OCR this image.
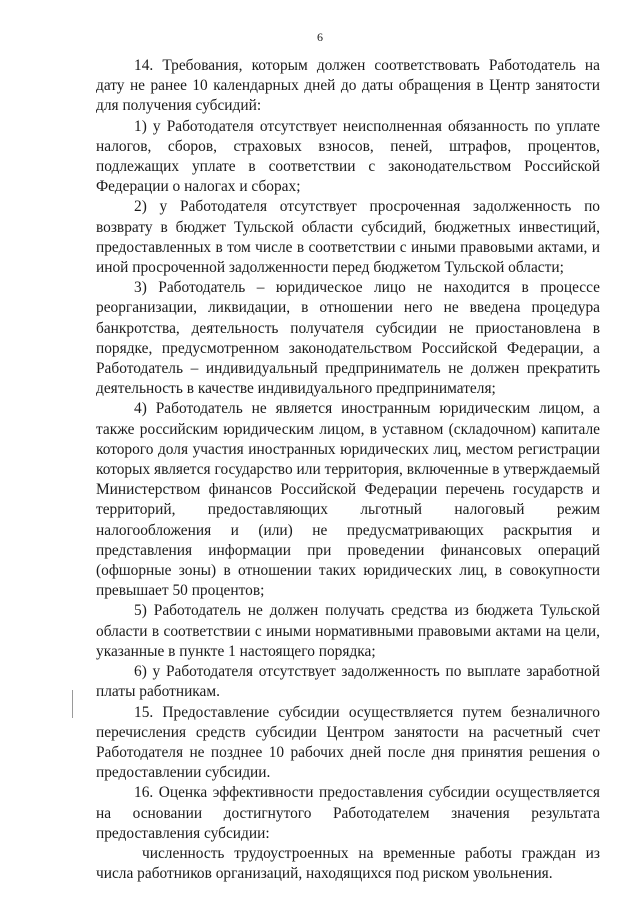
6

14. Требования, которым должен соответствовать Работодатель на дату не ранее 10 календарных дней до даты обращения в Центр занятости для получения субсидий:

1) у Работодателя отсутствует неисполненная обязанность по уплате налогов, сборов, страховых взносов, пеней, штрафов, процентов, подлежащих уплате в соответствии с законодательством Российской Федерации о налогах и сборах;

2) у Работодателя отсутствует просроченная задолженность по возврату в бюджет Тульской области субсидий, бюджетных инвестиций, предоставленных в том числе в соответствии с иными правовыми актами, и иной просроченной задолженности перед бюджетом Тульской области;

3) Работодатель – юридическое лицо не находится в процессе реорганизации, ликвидации, в отношении него не введена процедура банкротства, деятельность получателя субсидии не приостановлена в порядке, предусмотренном законодательством Российской Федерации, а Работодатель – индивидуальный предприниматель не должен прекратить деятельность в качестве индивидуального предпринимателя;

4) Работодатель не является иностранным юридическим лицом, а также российским юридическим лицом, в уставном (складочном) капитале которого доля участия иностранных юридических лиц, местом регистрации которых является государство или территория, включенные в утверждаемый Министерством финансов Российской Федерации перечень государств и территорий, предоставляющих льготный налоговый режим налогообложения и (или) не предусматривающих раскрытия и представления информации при проведении финансовых операций (офшорные зоны) в отношении таких юридических лиц, в совокупности превышает 50 процентов;

5) Работодатель не должен получать средства из бюджета Тульской области в соответствии с иными нормативными правовыми актами на цели, указанные в пункте 1 настоящего порядка;

6) у Работодателя отсутствует задолженность по выплате заработной платы работникам.

15. Предоставление субсидии осуществляется путем безналичного перечисления средств субсидии Центром занятости на расчетный счет Работодателя не позднее 10 рабочих дней после дня принятия решения о предоставлении субсидии.

16. Оценка эффективности предоставления субсидии осуществляется на основании достигнутого Работодателем значения результата предоставления субсидии:

численность трудоустроенных на временные работы граждан из числа работников организаций, находящихся под риском увольнения.
